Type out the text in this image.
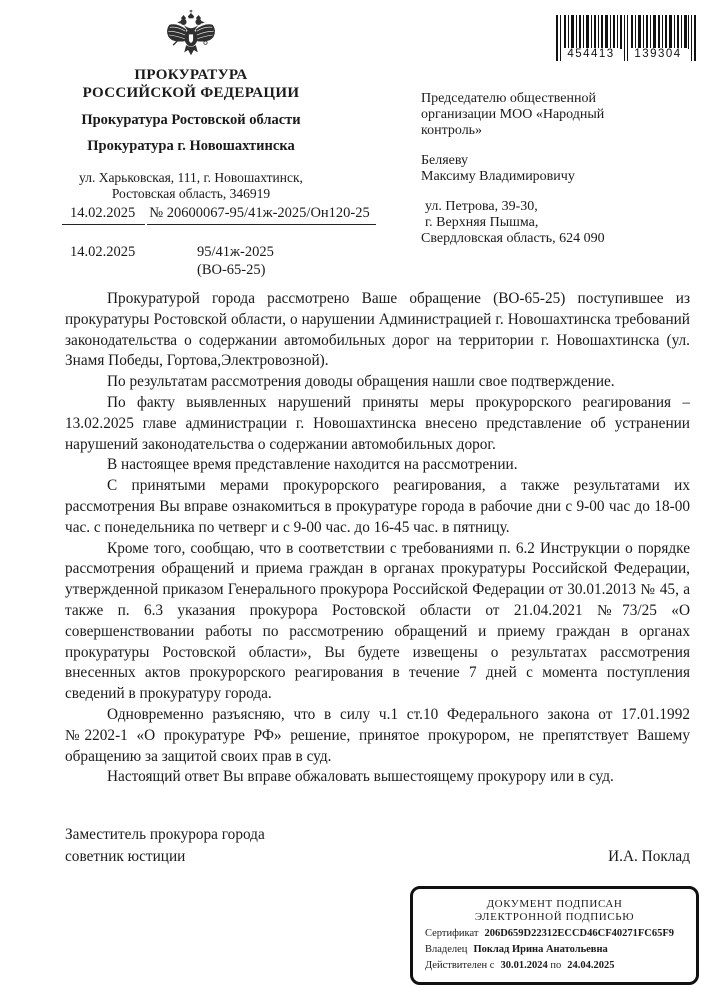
ПРОКУРАТУРА
РОССИЙСКОЙ ФЕДЕРАЦИИ
Прокуратура Ростовской области
Прокуратура г. Новошахтинска
ул. Харьковская, 111, г. Новошахтинск,
Ростовская область, 346919
14.02.2025 № 20600067-95/41ж-2025/Он120-25
14.02.2025	95/41ж-2025
(ВО-65-25)
454413	139304
Председателю общественной
организации МОО «Народный
контроль»
Беляеву
Максиму Владимировичу
ул. Петрова, 39-30,
г. Верхняя Пышма,
Свердловская область, 624 090

Прокуратурой города рассмотрено Ваше обращение (ВО-65-25) поступившее из прокуратуры Ростовской области, о нарушении Администрацией г. Новошахтинска требований законодательства о содержании автомобильных дорог на территории г. Новошахтинска (ул. Знамя Победы, Гортова,Электровозной).

По результатам рассмотрения доводы обращения нашли свое подтверждение.

По факту выявленных нарушений приняты меры прокурорского реагирования – 13.02.2025 главе администрации г. Новошахтинска внесено представление об устранении нарушений законодательства о содержании автомобильных дорог.

В настоящее время представление находится на рассмотрении.

С принятыми мерами прокурорского реагирования, а также результатами их рассмотрения Вы вправе ознакомиться в прокуратуре города в рабочие дни с 9-00 час до 18-00 час. с понедельника по четверг и с 9-00 час. до 16-45 час. в пятницу.

Кроме того, сообщаю, что в соответствии с требованиями п. 6.2 Инструкции о порядке рассмотрения обращений и приема граждан в органах прокуратуры Российской Федерации, утвержденной приказом Генерального прокурора Российской Федерации от 30.01.2013 № 45, а также п. 6.3 указания прокурора Ростовской области от 21.04.2021 №73/25 «О совершенствовании работы по рассмотрению обращений и приему граждан в органах прокуратуры Ростовской области», Вы будете извещены о результатах рассмотрения внесенных актов прокурорского реагирования в течение 7 дней с момента поступления сведений в прокуратуру города.

Одновременно разъясняю, что в силу ч.1 ст.10 Федерального закона от 17.01.1992 №2202-1 «О прокуратуре РФ» решение, принятое прокурором, не препятствует Вашему обращению за защитой своих прав в суд.

Настоящий ответ Вы вправе обжаловать вышестоящему прокурору или в суд.

Заместитель прокурора города
советник юстиции	И.А. Поклад
ДОКУМЕНТ ПОДПИСАН
ЭЛЕКТРОННОЙ ПОДПИСЬЮ
Сертификат 206D659D22312ECCD46CF40271FC65F9
Владелец Поклад Ирина Анатольевна
Действителен с 30.01.2024 по 24.04.2025
